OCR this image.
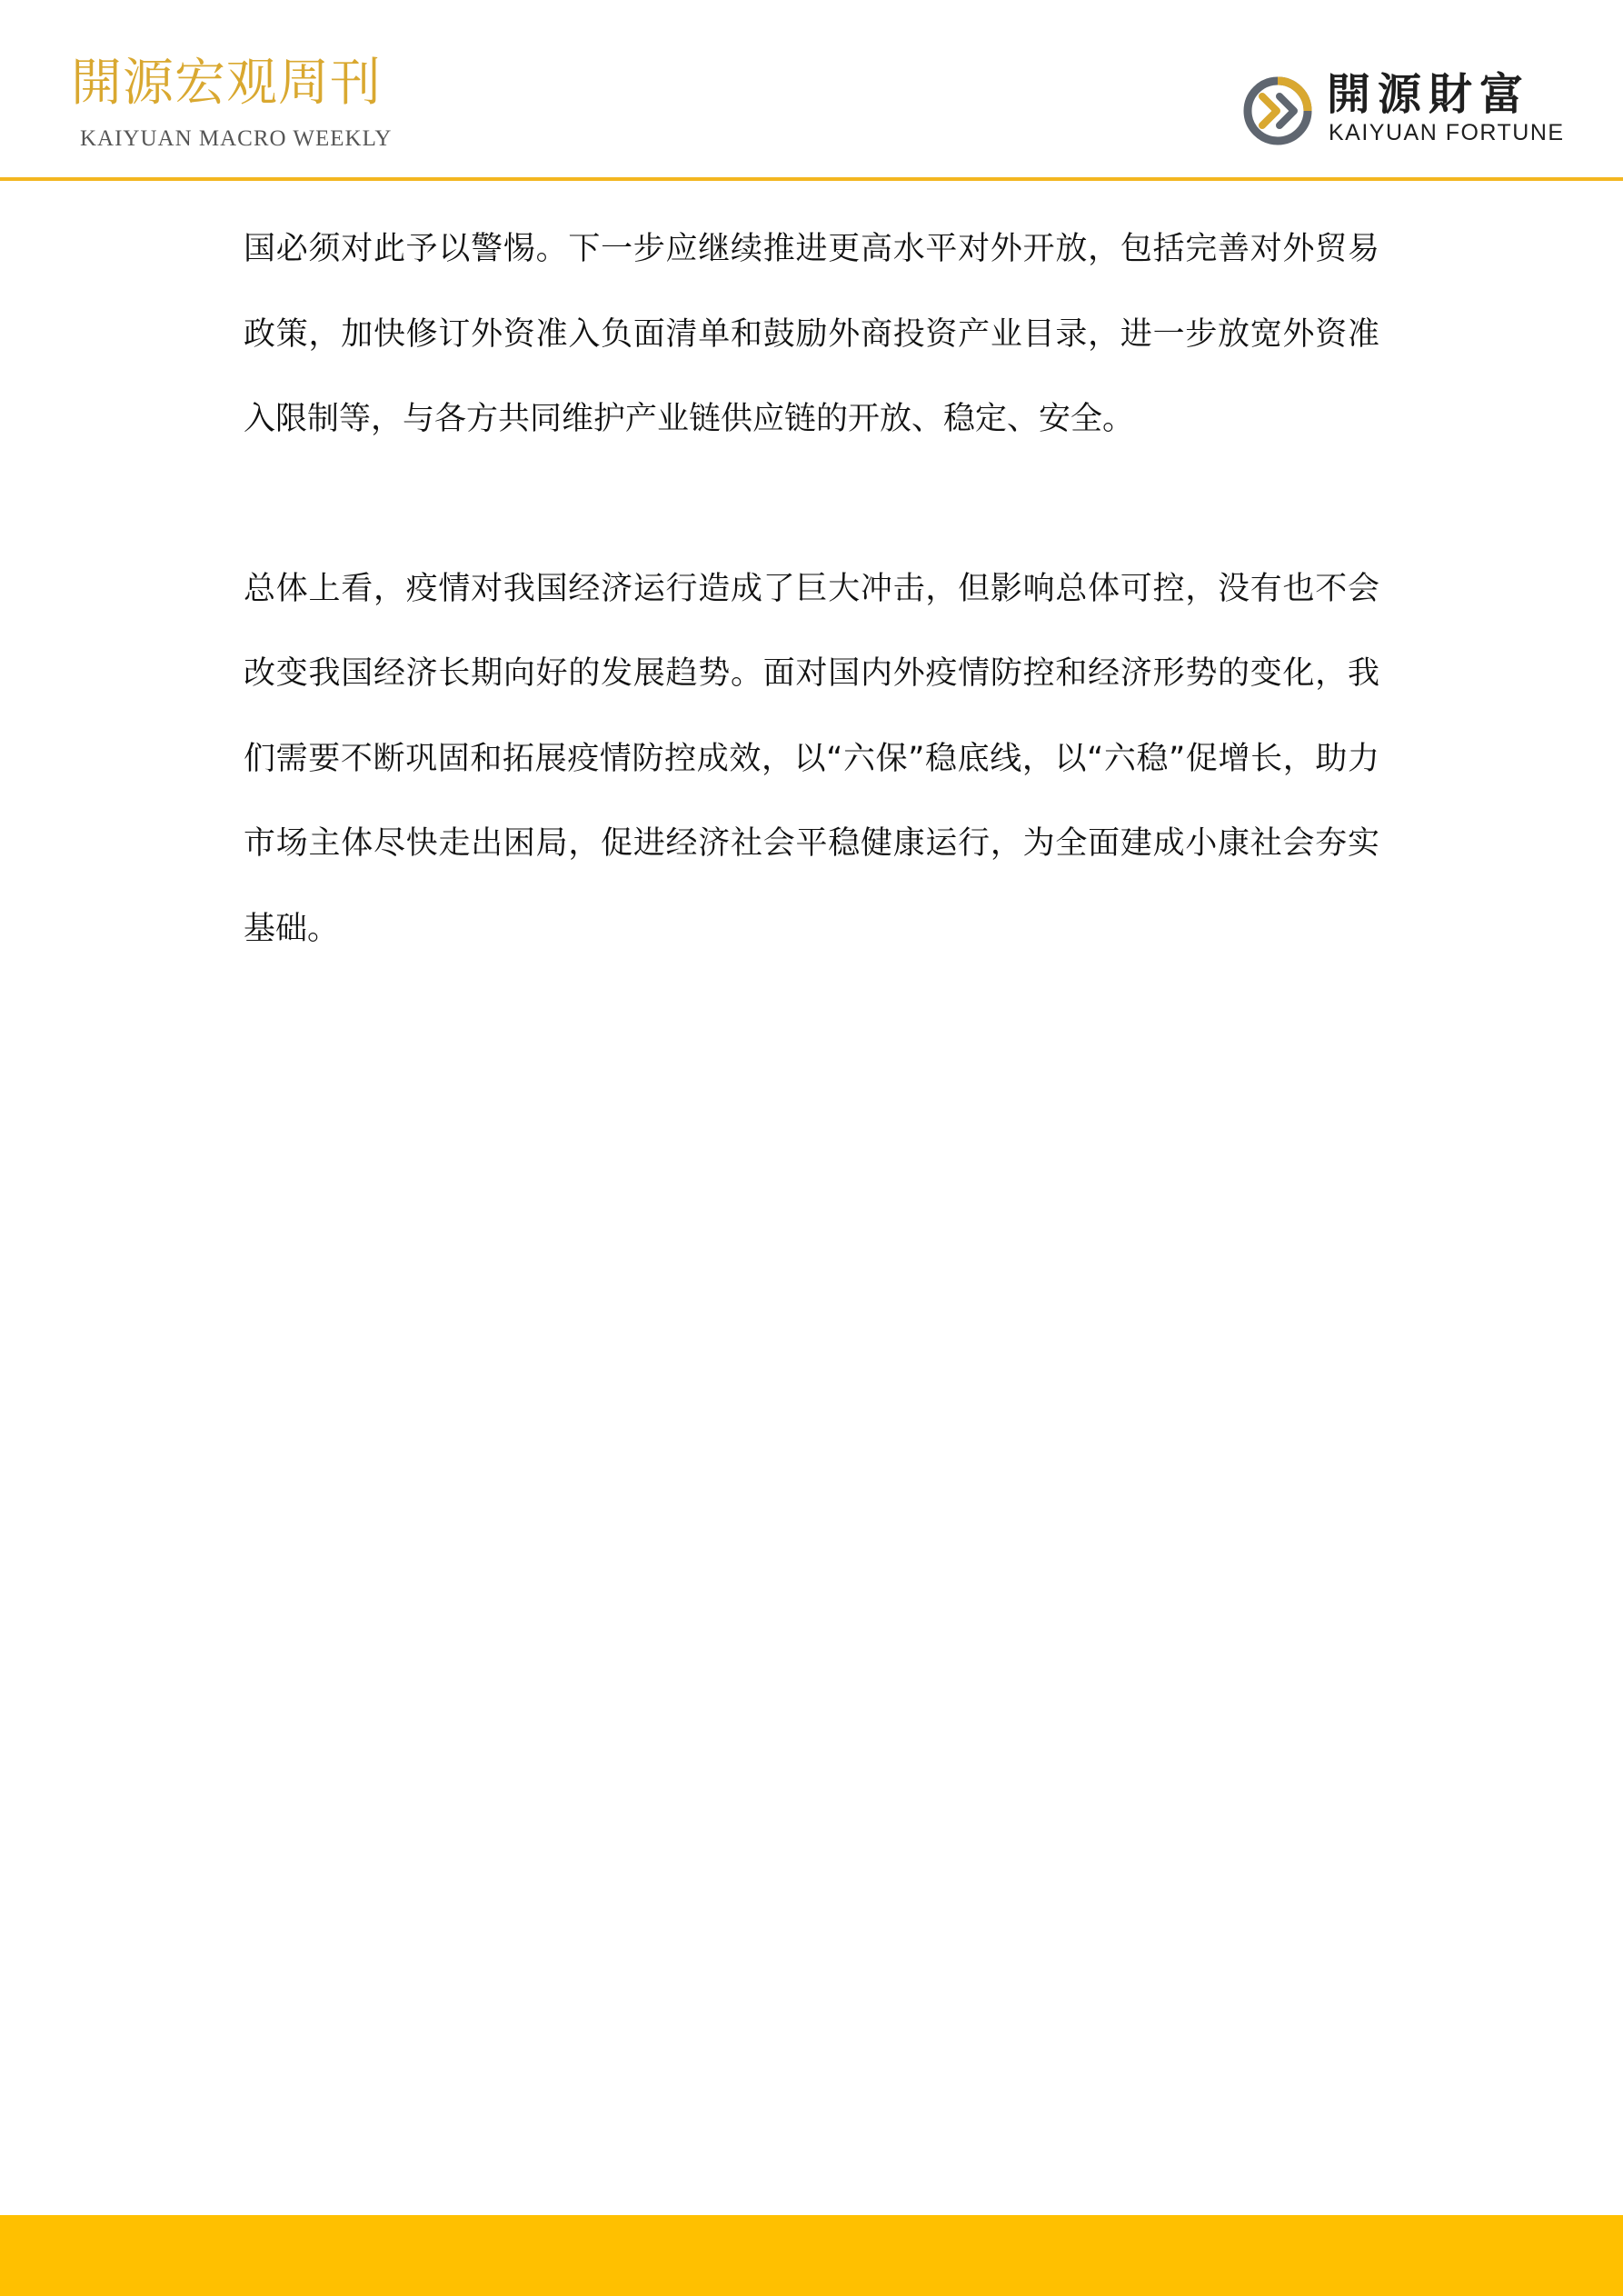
開源宏观周刊
KAIYUAN MACRO WEEKLY
開源財富
KAIYUAN FORTUNE

国必须对此予以警惕。下一步应继续推进更高水平对外开放，包括完善对外贸易政策，加快修订外资准入负面清单和鼓励外商投资产业目录，进一步放宽外资准入限制等，与各方共同维护产业链供应链的开放、稳定、安全。

总体上看，疫情对我国经济运行造成了巨大冲击，但影响总体可控，没有也不会改变我国经济长期向好的发展趋势。面对国内外疫情防控和经济形势的变化，我们需要不断巩固和拓展疫情防控成效，以“六保”稳底线，以“六稳”促增长，助力市场主体尽快走出困局，促进经济社会平稳健康运行，为全面建成小康社会夯实基础。
